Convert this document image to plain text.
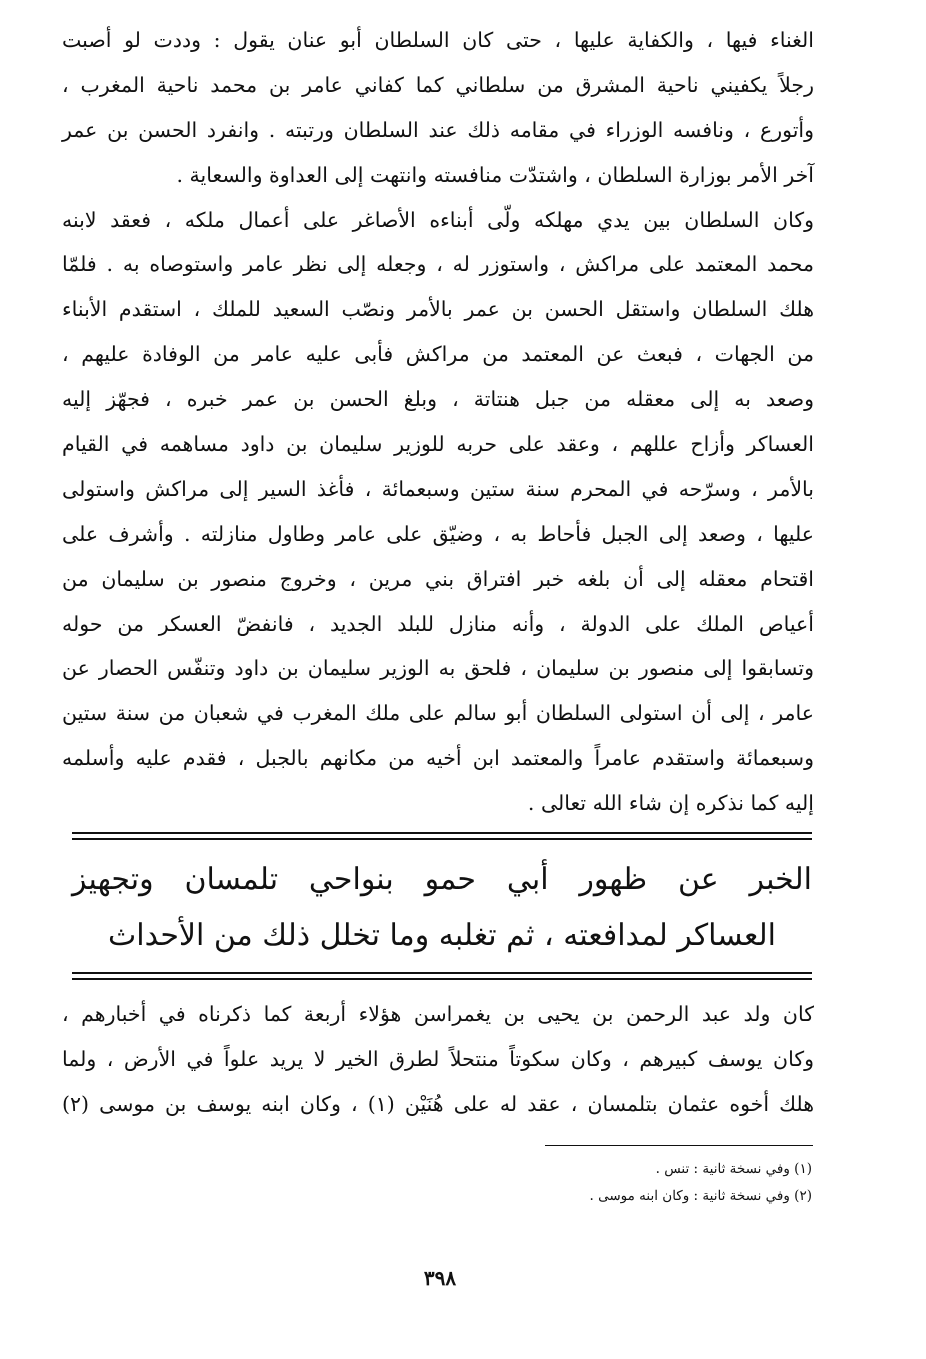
الغناء فيها ، والكفاية عليها ، حتى كان السلطان أبو عنان يقول : وددت لو أصبت
رجلاً يكفيني ناحية المشرق من سلطاني كما كفاني عامر بن محمد ناحية المغرب ،
وأتورع ، ونافسه الوزراء في مقامه ذلك عند السلطان ورتبته . وانفرد الحسن بن عمر
آخر الأمر بوزارة السلطان ، واشتدّت منافسته وانتهت إلى العداوة والسعاية .
وكان السلطان بين يدي مهلكه ولّى أبناءه الأصاغر على أعمال ملكه ، فعقد لابنه
محمد المعتمد على مراكش ، واستوزر له ، وجعله إلى نظر عامر واستوصاه به . فلمّا
هلك السلطان واستقل الحسن بن عمر بالأمر ونصّب السعيد للملك ، استقدم الأبناء
من الجهات ، فبعث عن المعتمد من مراكش فأبى عليه عامر من الوفادة عليهم ،
وصعد به إلى معقله من جبل هنتاتة ، وبلغ الحسن بن عمر خبره ، فجهّز إليه
العساكر وأزاح عللهم ، وعقد على حربه للوزير سليمان بن داود مساهمه في القيام
بالأمر ، وسرّحه في المحرم سنة ستين وسبعمائة ، فأغذ السير إلى مراكش واستولى
عليها ، وصعد إلى الجبل فأحاط به ، وضيّق على عامر وطاول منازلته . وأشرف على
اقتحام معقله إلى أن بلغه خبر افتراق بني مرين ، وخروج منصور بن سليمان من
أعياص الملك على الدولة ، وأنه منازل للبلد الجديد ، فانفضّ العسكر من حوله
وتسابقوا إلى منصور بن سليمان ، فلحق به الوزير سليمان بن داود وتنفّس الحصار عن
عامر ، إلى أن استولى السلطان أبو سالم على ملك المغرب في شعبان من سنة ستين
وسبعمائة واستقدم عامراً والمعتمد ابن أخيه من مكانهم بالجبل ، فقدم عليه وأسلمه
إليه كما نذكره إن شاء الله تعالى .
الخبر عن ظهور أبي حمو بنواحي تلمسان وتجهيز
العساكر لمدافعته ، ثم تغلبه وما تخلل ذلك من الأحداث
كان ولد عبد الرحمن بن يحيى بن يغمراسن هؤلاء أربعة كما ذكرناه في أخبارهم ،
وكان يوسف كبيرهم ، وكان سكوتاً منتحلاً لطرق الخير لا يريد علواً في الأرض ، ولما
هلك أخوه عثمان بتلمسان ، عقد له على هُنَيْن (١) ، وكان ابنه يوسف بن موسى (٢)
(١) وفي نسخة ثانية : تنس .
(٢) وفي نسخة ثانية : وكان ابنه موسى .
٣٩٨
